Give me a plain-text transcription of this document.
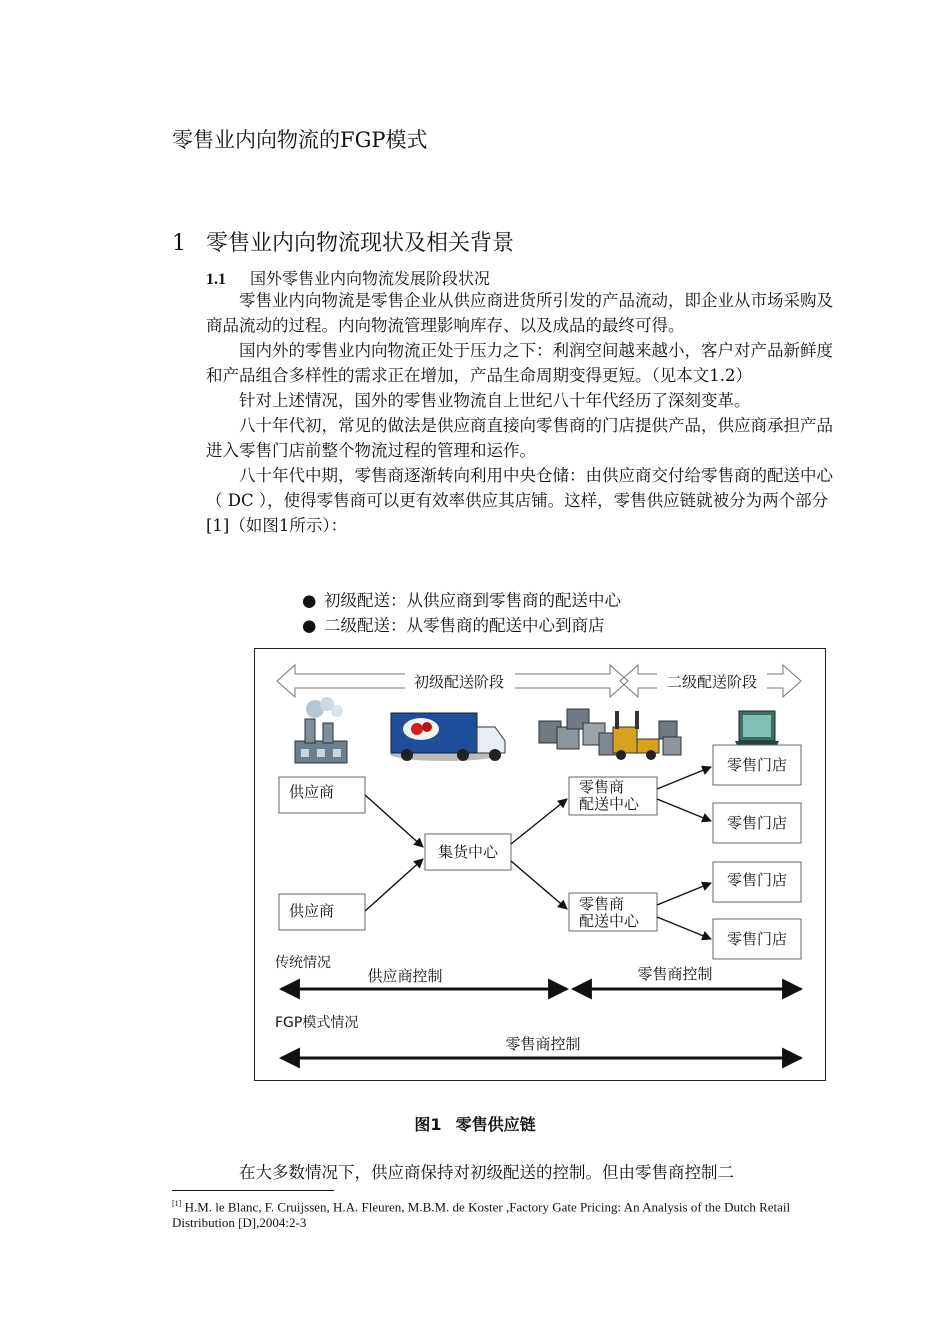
零售业内向物流的FGP模式
1 零售业内向物流现状及相关背景
1.1 国外零售业内向物流发展阶段状况

零售业内向物流是零售企业从供应商进货所引发的产品流动，即企业从市场采购及商品流动的过程。内向物流管理影响库存、以及成品的最终可得。

国内外的零售业内向物流正处于压力之下：利润空间越来越小，客户对产品新鲜度和产品组合多样性的需求正在增加，产品生命周期变得更短。（见本文1.2）

针对上述情况，国外的零售业物流自上世纪八十年代经历了深刻变革。

八十年代初，常见的做法是供应商直接向零售商的门店提供产品，供应商承担产品进入零售门店前整个物流过程的管理和运作。

八十年代中期，零售商逐渐转向利用中央仓储：由供应商交付给零售商的配送中心（ DC ），使得零售商可以更有效率供应其店铺。这样，零售供应链就被分为两个部分[1]（如图1所示）：

● 初级配送：从供应商到零售商的配送中心
● 二级配送：从零售商的配送中心到商店
初级配送阶段	二级配送阶段
供应商
供应商
集货中心
零售商
配送中心
零售商
配送中心
零售门店
零售门店
零售门店
零售门店
传统情况
供应商控制	零售商控制
FGP模式情况
零售商控制
图1 零售供应链

在大多数情况下，供应商保持对初级配送的控制。但由零售商控制二

[1] H.M. le Blanc, F. Cruijssen, H.A. Fleuren, M.B.M. de Koster ,Factory Gate Pricing: An Analysis of the Dutch Retail Distribution [D],2004:2-3
